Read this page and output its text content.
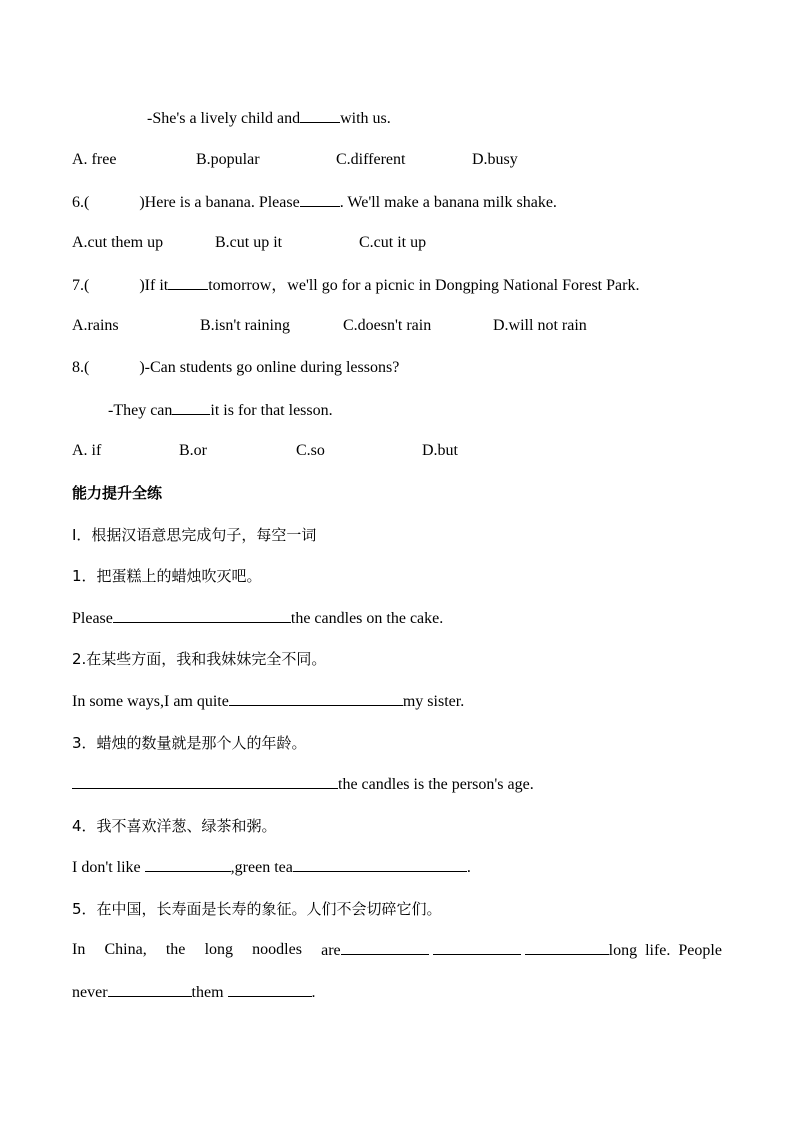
-She's a lively child and	with us.
A. free	B.popular	C.different	D.busy
6.(	)Here is a banana. Please	. We'll make a banana milk shake.
A.cut them up	B.cut up it	C.cut it up
7.(	)If it	tomorrow，we'll go for a picnic in Dongping National Forest Park.
A.rains	B.isn't raining	C.doesn't rain	D.will not rain
8.(	)-Can students go online during lessons?
-They can it is for that lesson.
A. if	B.or	C.so	D.but
能力提升全练
I．根据汉语意思完成句子，每空一词
1．把蛋糕上的蜡烛吹灭吧。
Please	the candles on the cake.
2.在某些方面，我和我妹妹完全不同。
In some ways,I am quite	my sister.
3．蜡烛的数量就是那个人的年龄。
the candles is the person's age.
4．我不喜欢洋葱、绿茶和粥。
I don't like	,green tea	.
5．在中国，长寿面是长寿的象征。人们不会切碎它们。
In China, the long noodles are	long  life.  People
never	them	.
